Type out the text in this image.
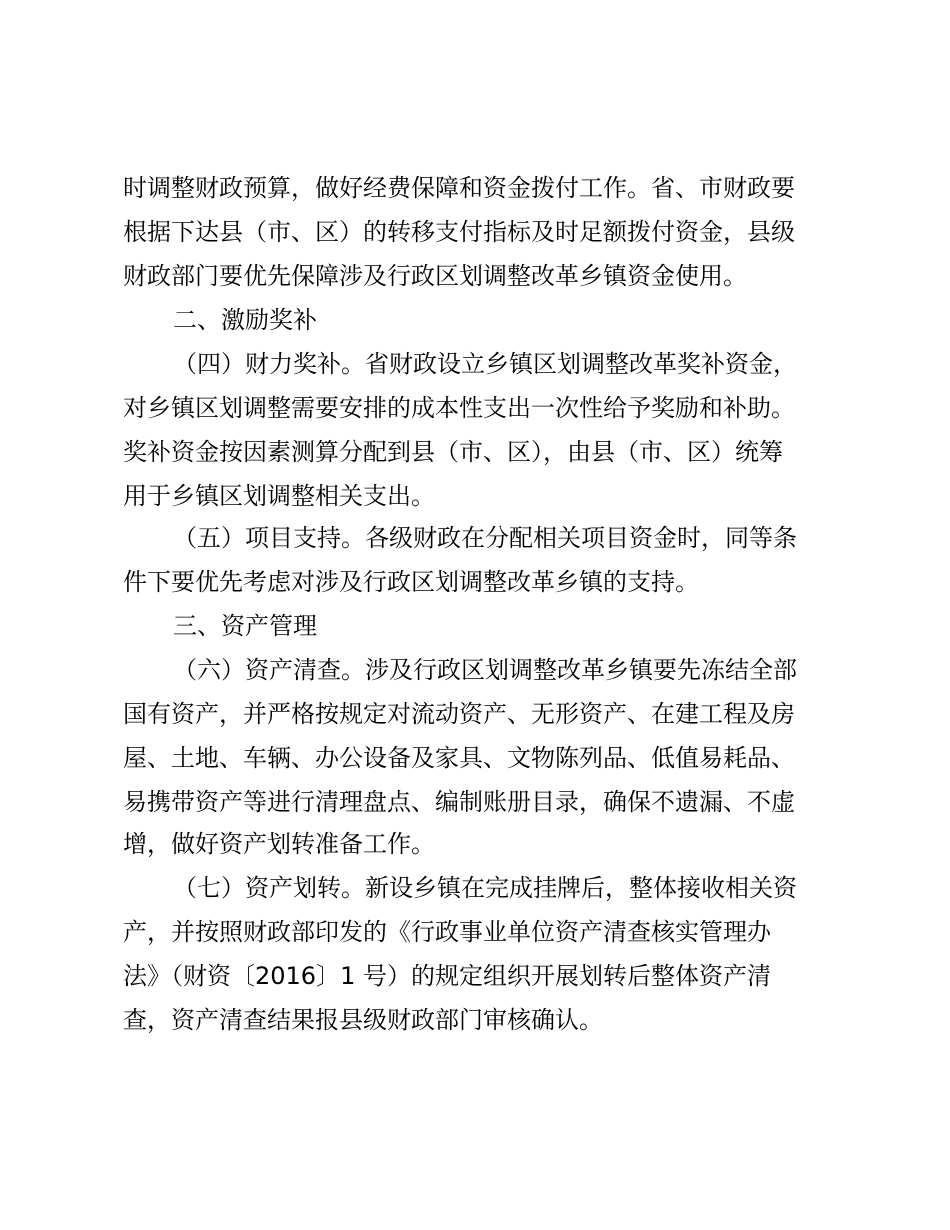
时调整财政预算，做好经费保障和资金拨付工作。省、市财政要
根据下达县（市、区）的转移支付指标及时足额拨付资金，县级
财政部门要优先保障涉及行政区划调整改革乡镇资金使用。
二、激励奖补
（四）财力奖补。省财政设立乡镇区划调整改革奖补资金，
对乡镇区划调整需要安排的成本性支出一次性给予奖励和补助。
奖补资金按因素测算分配到县（市、区），由县（市、区）统筹
用于乡镇区划调整相关支出。
（五）项目支持。各级财政在分配相关项目资金时，同等条
件下要优先考虑对涉及行政区划调整改革乡镇的支持。
三、资产管理
（六）资产清查。涉及行政区划调整改革乡镇要先冻结全部
国有资产，并严格按规定对流动资产、无形资产、在建工程及房
屋、土地、车辆、办公设备及家具、文物陈列品、低值易耗品、
易携带资产等进行清理盘点、编制账册目录，确保不遗漏、不虚
增，做好资产划转准备工作。
（七）资产划转。新设乡镇在完成挂牌后，整体接收相关资
产，并按照财政部印发的《行政事业单位资产清查核实管理办
法》（财资〔2016〕1 号）的规定组织开展划转后整体资产清
查，资产清查结果报县级财政部门审核确认。
